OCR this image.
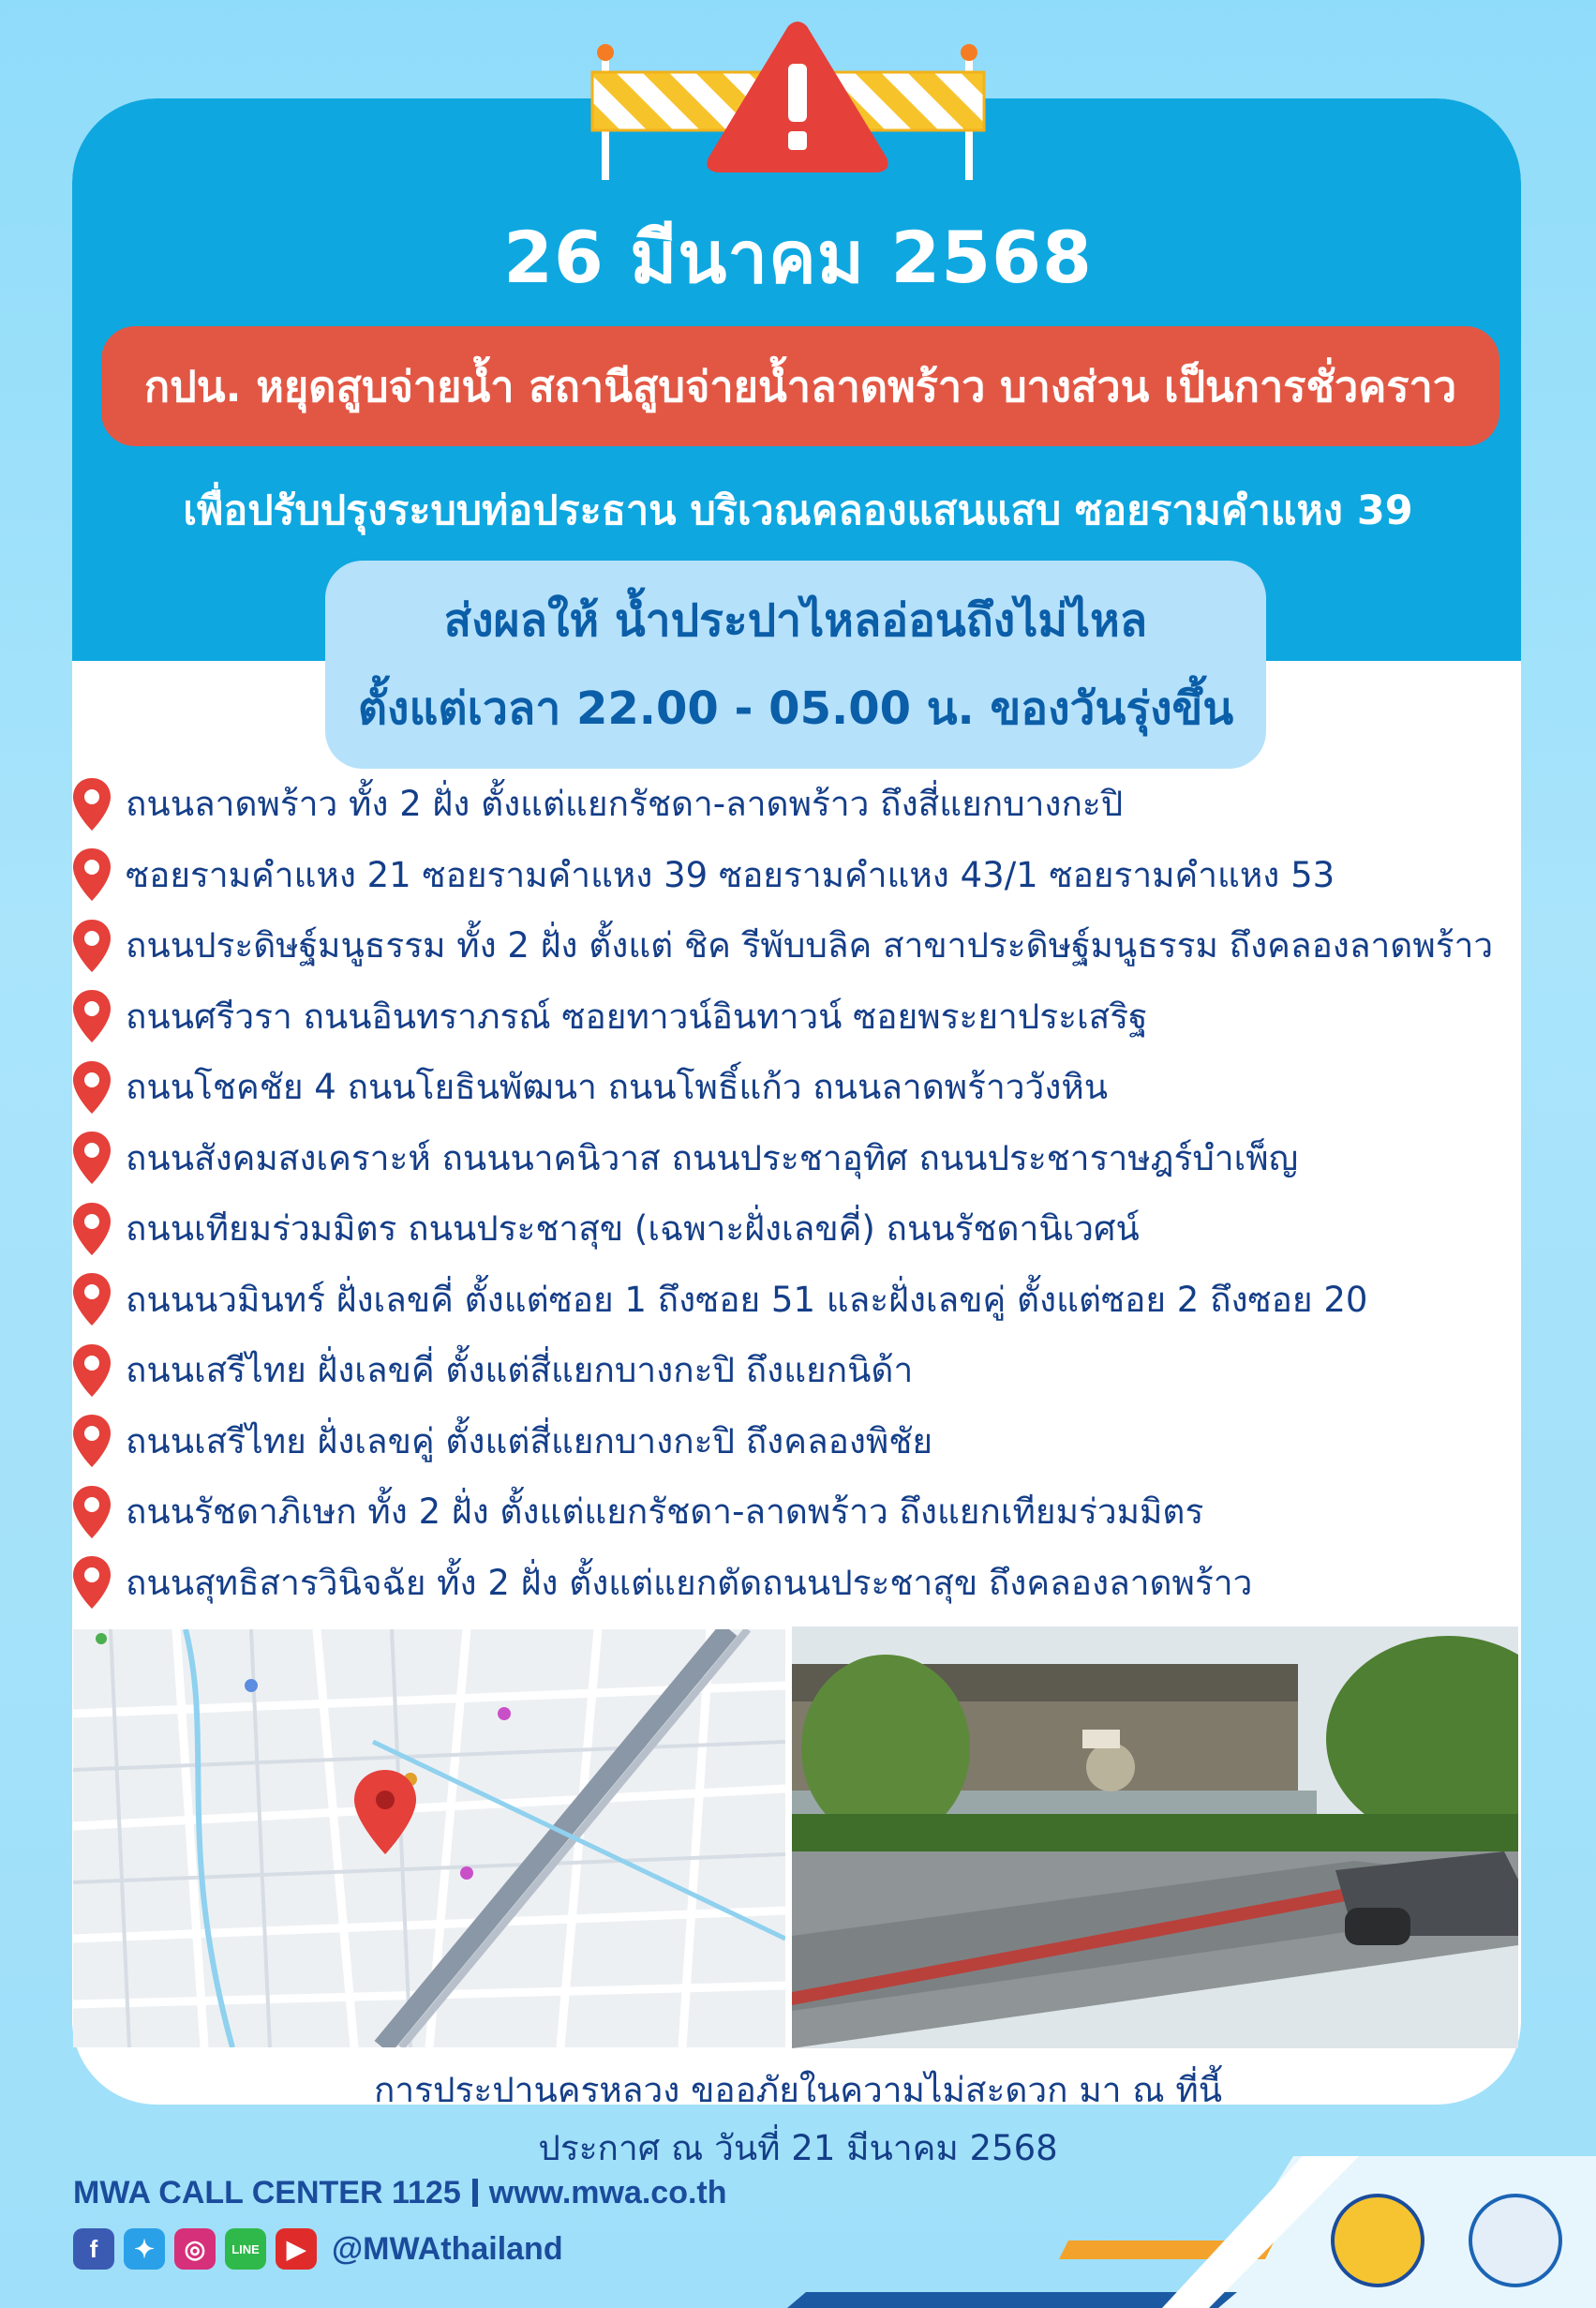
26 มีนาคม 2568
กปน. หยุดสูบจ่ายน้ำ สถานีสูบจ่ายน้ำลาดพร้าว บางส่วน เป็นการชั่วคราว
เพื่อปรับปรุงระบบท่อประธาน บริเวณคลองแสนแสบ ซอยรามคำแหง 39
ส่งผลให้ น้ำประปาไหลอ่อนถึงไม่ไหล
ตั้งแต่เวลา 22.00 - 05.00 น. ของวันรุ่งขึ้น
ถนนลาดพร้าว ทั้ง 2 ฝั่ง ตั้งแต่แยกรัชดา-ลาดพร้าว ถึงสี่แยกบางกะปิ
ซอยรามคำแหง 21 ซอยรามคำแหง 39 ซอยรามคำแหง 43/1 ซอยรามคำแหง 53
ถนนประดิษฐ์มนูธรรม ทั้ง 2 ฝั่ง ตั้งแต่ ชิค รีพับบลิค สาขาประดิษฐ์มนูธรรม ถึงคลองลาดพร้าว
ถนนศรีวรา ถนนอินทราภรณ์ ซอยทาวน์อินทาวน์ ซอยพระยาประเสริฐ
ถนนโชคชัย 4 ถนนโยธินพัฒนา ถนนโพธิ์แก้ว ถนนลาดพร้าววังหิน
ถนนสังคมสงเคราะห์ ถนนนาคนิวาส ถนนประชาอุทิศ ถนนประชาราษฎร์บำเพ็ญ
ถนนเทียมร่วมมิตร ถนนประชาสุข (เฉพาะฝั่งเลขคี่) ถนนรัชดานิเวศน์
ถนนนวมินทร์ ฝั่งเลขคี่ ตั้งแต่ซอย 1 ถึงซอย 51 และฝั่งเลขคู่ ตั้งแต่ซอย 2 ถึงซอย 20
ถนนเสรีไทย ฝั่งเลขคี่ ตั้งแต่สี่แยกบางกะปิ ถึงแยกนิด้า
ถนนเสรีไทย ฝั่งเลขคู่ ตั้งแต่สี่แยกบางกะปิ ถึงคลองพิชัย
ถนนรัชดาภิเษก ทั้ง 2 ฝั่ง ตั้งแต่แยกรัชดา-ลาดพร้าว ถึงแยกเทียมร่วมมิตร
ถนนสุทธิสารวินิจฉัย ทั้ง 2 ฝั่ง ตั้งแต่แยกตัดถนนประชาสุข ถึงคลองลาดพร้าว
การประปานครหลวง ขออภัยในความไม่สะดวก มา ณ ที่นี้
ประกาศ ณ วันที่ 21 มีนาคม 2568
MWA CALL CENTER 1125 www.mwa.co.th
f	✦	◎	LINE	▶ @MWAthailand
